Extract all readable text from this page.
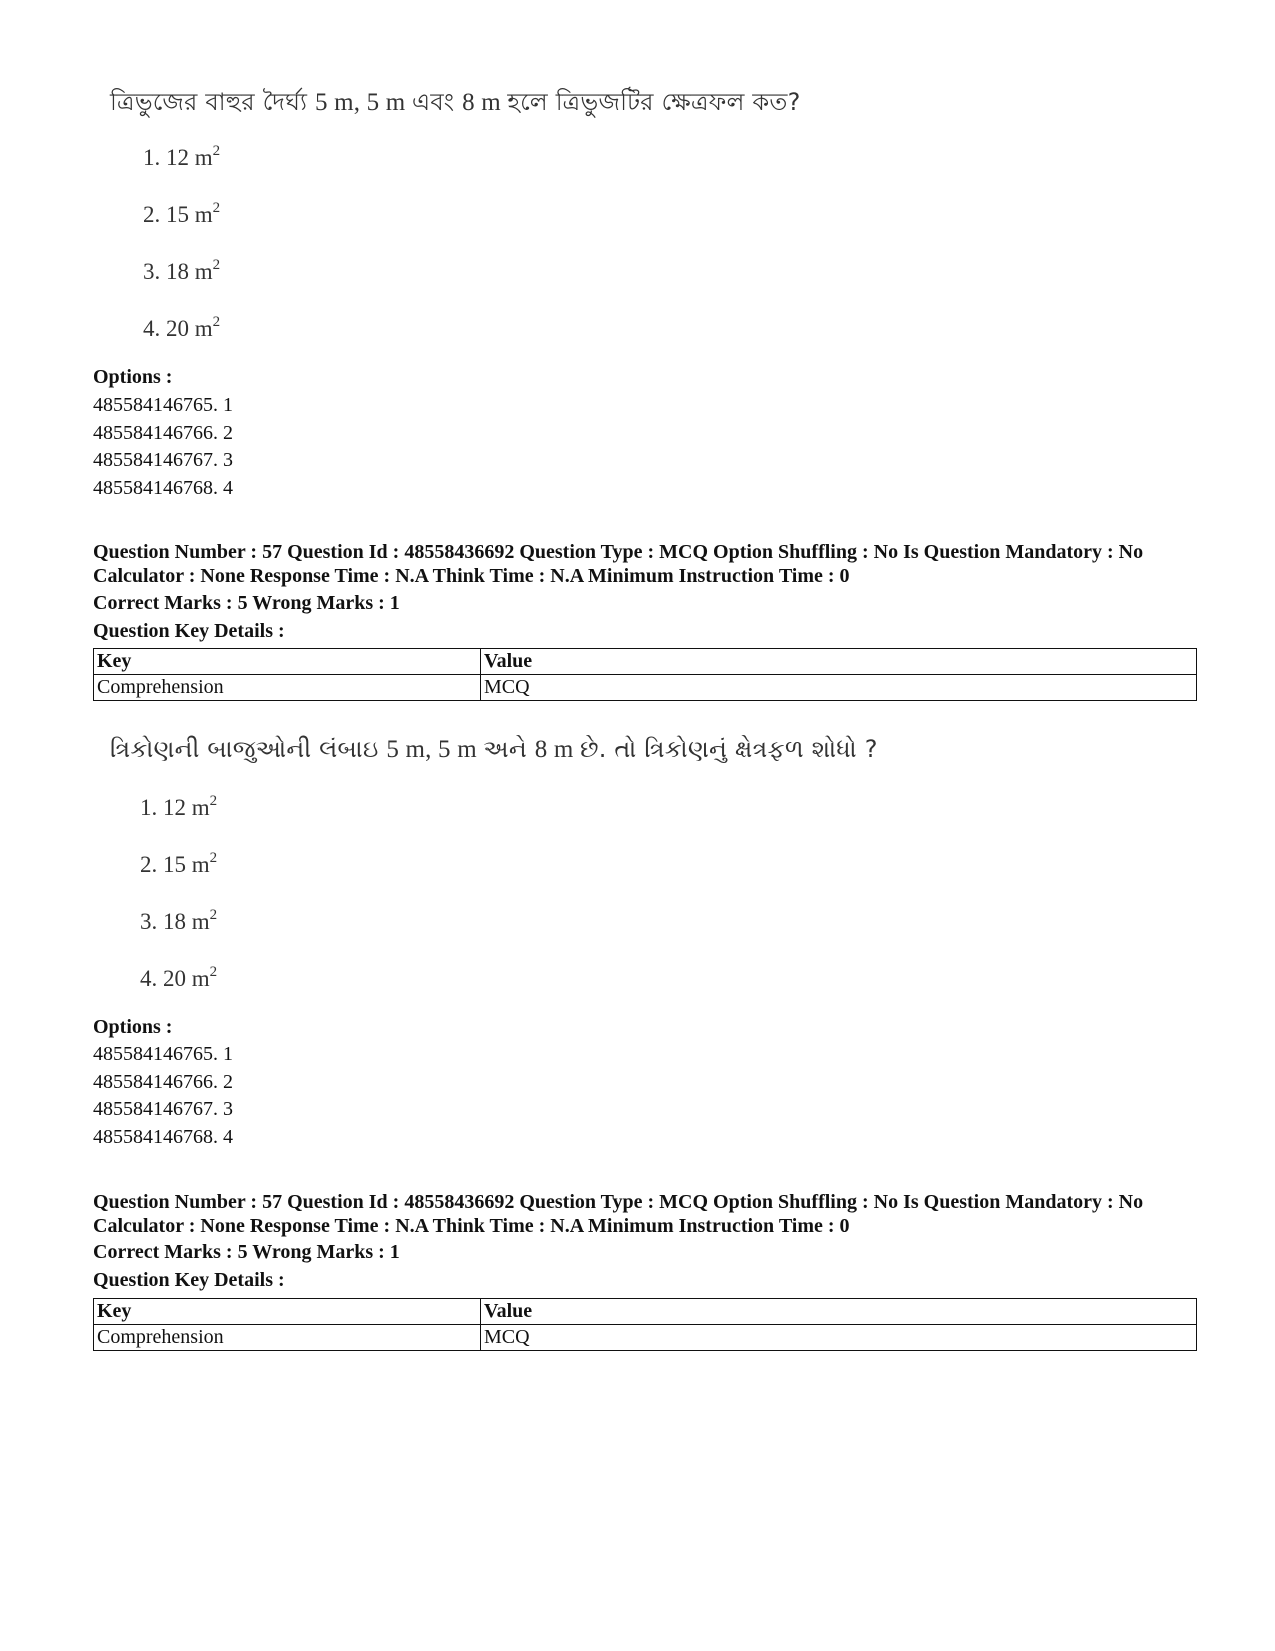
ত্রিভুজের বাহুর দৈর্ঘ্য 5 m, 5 m এবং 8 m হলে ত্রিভুজটির ক্ষেত্রফল কত?
1. 12 $m^2$
2. 15 $m^2$
3. 18 $m^2$
4. 20 $m^2$
Options :
485584146765. 1
485584146766. 2
485584146767. 3
485584146768. 4
Question Number : 57 Question Id : 48558436692 Question Type : MCQ Option Shuffling : No Is Question Mandatory : No Calculator : None Response Time : N.A Think Time : N.A Minimum Instruction Time : 0
Correct Marks : 5 Wrong Marks : 1
Question Key Details :
Key	Value
Comprehension	MCQ
ત્રિકોણની બાજુઓની લંબાઇ 5 m, 5 m અને 8 m છે. તો ત્રિકોણનું ક્ષેત્રફળ શોધો ?
1. 12 $m^2$
2. 15 $m^2$
3. 18 $m^2$
4. 20 $m^2$
Options :
485584146765. 1
485584146766. 2
485584146767. 3
485584146768. 4
Question Number : 57 Question Id : 48558436692 Question Type : MCQ Option Shuffling : No Is Question Mandatory : No Calculator : None Response Time : N.A Think Time : N.A Minimum Instruction Time : 0
Correct Marks : 5 Wrong Marks : 1
Question Key Details :
Key	Value
Comprehension	MCQ
